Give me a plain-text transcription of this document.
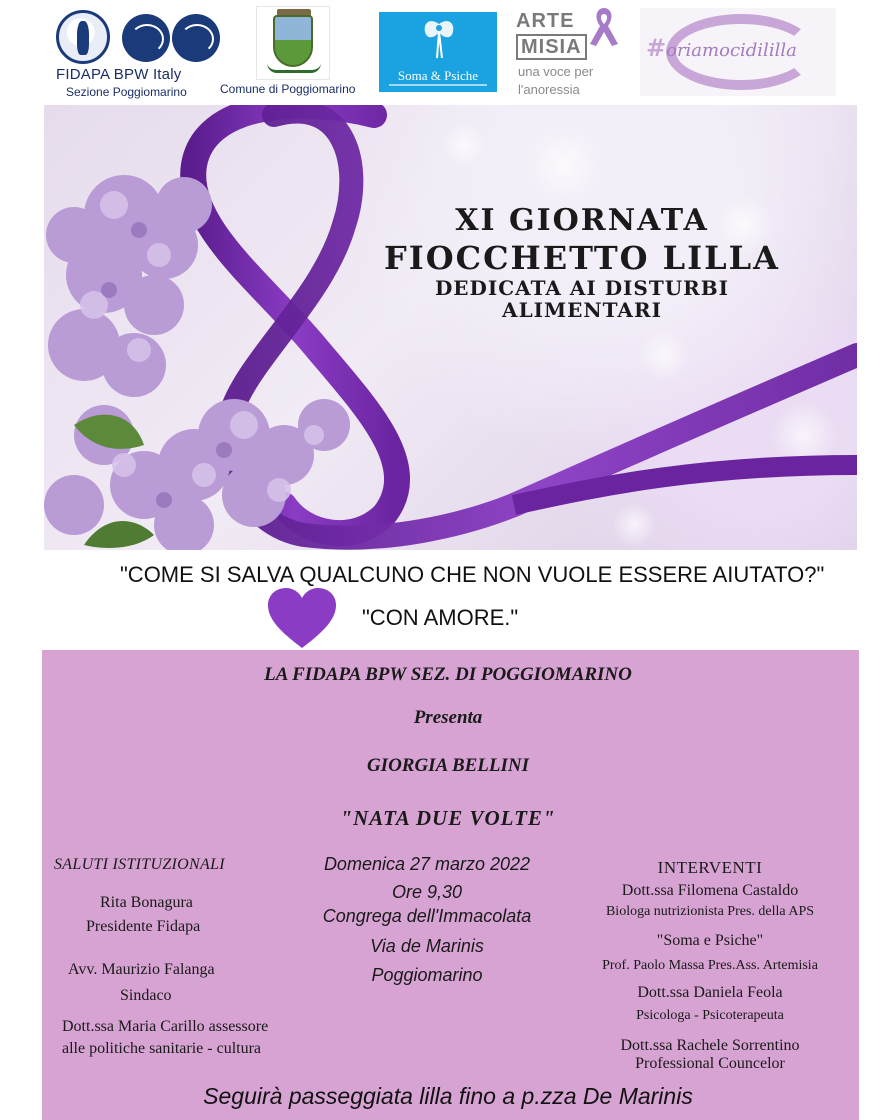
FIDAPA BPW Italy
Sezione Poggiomarino	Comune di Poggiomarino
Soma & Psiche
ARTE
MISIA
una voce per
l'anoressia
#oriamocidililla
XI GIORNATA
FIOCCHETTO LILLA
DEDICATA AI DISTURBI
ALIMENTARI
"COME SI SALVA QUALCUNO CHE NON VUOLE ESSERE AIUTATO?"
"CON AMORE."
LA FIDAPA BPW SEZ. DI POGGIOMARINO
Presenta
GIORGIA BELLINI
"NATA DUE VOLTE"

SALUTI ISTITUZIONALI

Rita Bonagura

Presidente Fidapa

Avv. Maurizio Falanga

Sindaco

Dott.ssa Maria Carillo assessore

alle politiche sanitarie - cultura

Domenica 27 marzo 2022

Ore 9,30

Congrega dell'Immacolata

Via de Marinis

Poggiomarino

INTERVENTI

Dott.ssa Filomena Castaldo

Biologa nutrizionista Pres. della APS

"Soma e Psiche"

Prof. Paolo Massa Pres.Ass. Artemisia

Dott.ssa Daniela Feola

Psicologa - Psicoterapeuta

Dott.ssa Rachele Sorrentino

Professional Councelor

Seguirà passeggiata lilla fino a p.zza De Marinis
